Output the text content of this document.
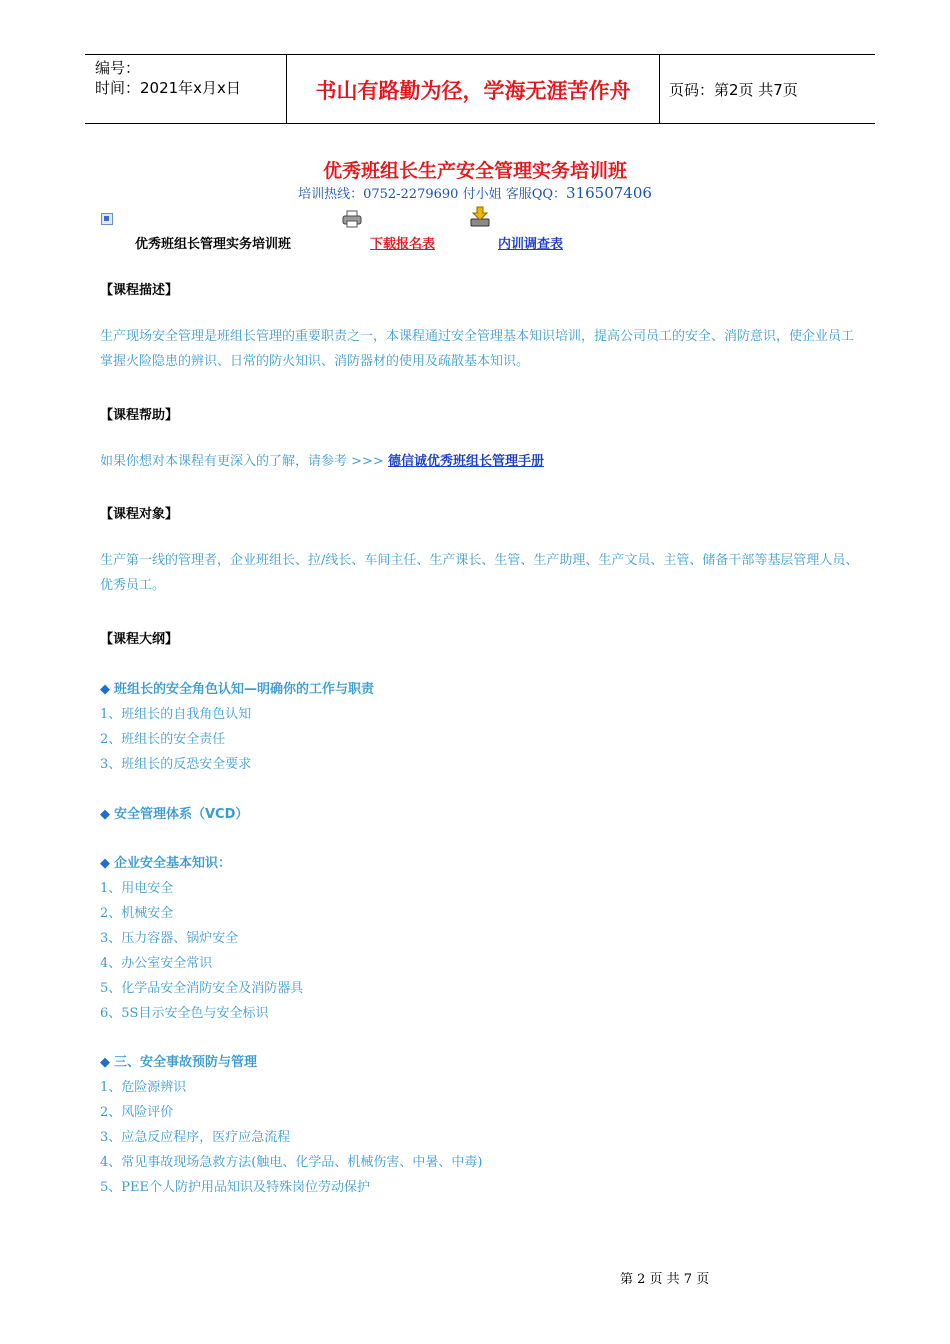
编号：
时间：2021年x月x日	书山有路勤为径，学海无涯苦作舟	页码：第2页 共7页
优秀班组长生产安全管理实务培训班
培训热线：0752-2279690 付小姐 客服QQ：316507406
优秀班组长管理实务培训班	下载报名表	内训调查表
【课程描述】
生产现场安全管理是班组长管理的重要职责之一，本课程通过安全管理基本知识培训，提高公司员工的安全、消防意识，使企业员工掌握火险隐患的辨识、日常的防火知识、消防器材的使用及疏散基本知识。
【课程帮助】
如果你想对本课程有更深入的了解，请参考 >>> 德信诚优秀班组长管理手册
【课程对象】
生产第一线的管理者，企业班组长、拉/线长、车间主任、生产课长、生管、生产助理、生产文员、主管、储备干部等基层管理人员、优秀员工。
【课程大纲】
◆ 班组长的安全角色认知—明确你的工作与职责
1、班组长的自我角色认知
2、班组长的安全责任
3、班组长的反恐安全要求
◆ 安全管理体系（VCD）
◆ 企业安全基本知识：
1、用电安全
2、机械安全
3、压力容器、锅炉安全
4、办公室安全常识
5、化学品安全消防安全及消防器具
6、5S目示安全色与安全标识
◆ 三、安全事故预防与管理
1、危险源辨识
2、风险评价
3、应急反应程序，医疗应急流程
4、常见事故现场急救方法(触电、化学品、机械伤害、中暑、中毒)
5、PEE个人防护用品知识及特殊岗位劳动保护
第 2 页 共 7 页
